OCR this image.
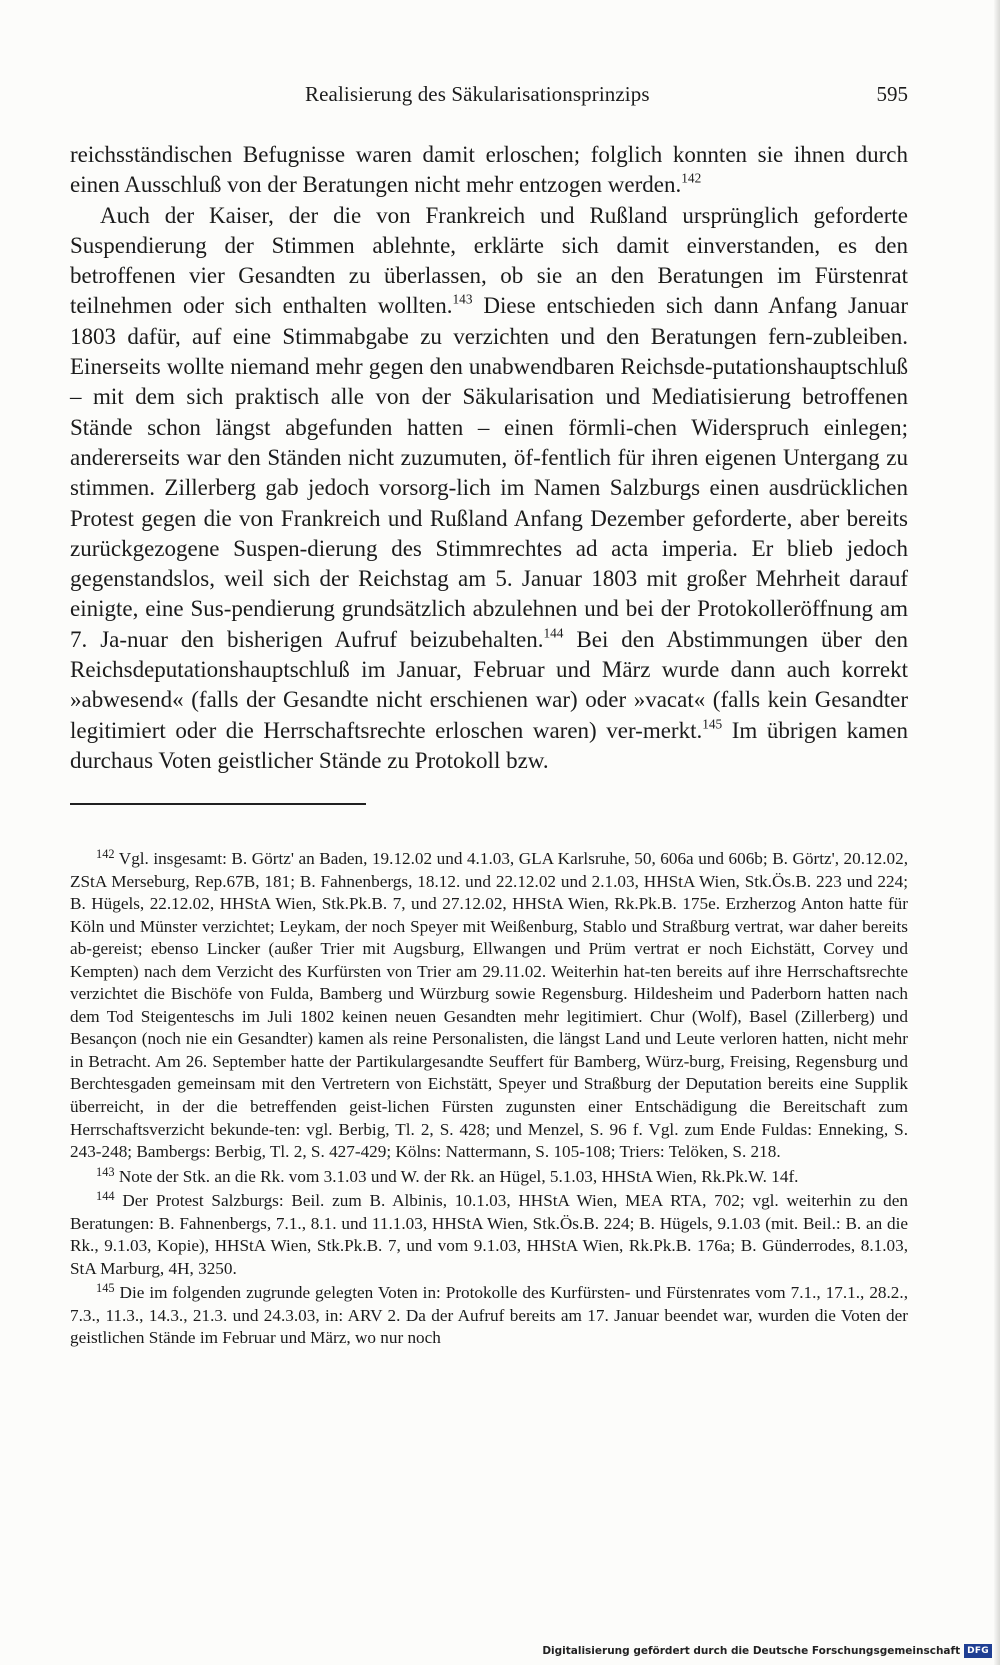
Realisierung des Säkularisationsprinzips	595

reichsständischen Befugnisse waren damit erloschen; folglich konnten sie ihnen durch einen Ausschluß von der Beratungen nicht mehr entzogen werden.$^{142}$

Auch der Kaiser, der die von Frankreich und Rußland ursprünglich geforderte Suspendierung der Stimmen ablehnte, erklärte sich damit einverstanden, es den betroffenen vier Gesandten zu überlassen, ob sie an den Beratungen im Fürstenrat teilnehmen oder sich enthalten wollten.$^{143}$ Diese entschieden sich dann Anfang Januar 1803 dafür, auf eine Stimmabgabe zu verzichten und den Beratungen fern-zubleiben. Einerseits wollte niemand mehr gegen den unabwendbaren Reichsde-putationshauptschluß – mit dem sich praktisch alle von der Säkularisation und Mediatisierung betroffenen Stände schon längst abgefunden hatten – einen förmli-chen Widerspruch einlegen; andererseits war den Ständen nicht zuzumuten, öf-fentlich für ihren eigenen Untergang zu stimmen. Zillerberg gab jedoch vorsorg-lich im Namen Salzburgs einen ausdrücklichen Protest gegen die von Frankreich und Rußland Anfang Dezember geforderte, aber bereits zurückgezogene Suspen-dierung des Stimmrechtes ad acta imperia. Er blieb jedoch gegenstandslos, weil sich der Reichstag am 5. Januar 1803 mit großer Mehrheit darauf einigte, eine Sus-pendierung grundsätzlich abzulehnen und bei der Protokolleröffnung am 7. Ja-nuar den bisherigen Aufruf beizubehalten.$^{144}$ Bei den Abstimmungen über den Reichsdeputationshauptschluß im Januar, Februar und März wurde dann auch korrekt »abwesend« (falls der Gesandte nicht erschienen war) oder »vacat« (falls kein Gesandter legitimiert oder die Herrschaftsrechte erloschen waren) ver-merkt.$^{145}$ Im übrigen kamen durchaus Voten geistlicher Stände zu Protokoll bzw.

$^{142}$ Vgl. insgesamt: B. Görtz' an Baden, 19.12.02 und 4.1.03, GLA Karlsruhe, 50, 606a und 606b; B. Görtz', 20.12.02, ZStA Merseburg, Rep.67B, 181; B. Fahnenbergs, 18.12. und 22.12.02 und 2.1.03, HHStA Wien, Stk.Ös.B. 223 und 224; B. Hügels, 22.12.02, HHStA Wien, Stk.Pk.B. 7, und 27.12.02, HHStA Wien, Rk.Pk.B. 175e. Erzherzog Anton hatte für Köln und Münster verzichtet; Leykam, der noch Speyer mit Weißenburg, Stablo und Straßburg vertrat, war daher bereits ab-gereist; ebenso Lincker (außer Trier mit Augsburg, Ellwangen und Prüm vertrat er noch Eichstätt, Corvey und Kempten) nach dem Verzicht des Kurfürsten von Trier am 29.11.02. Weiterhin hat-ten bereits auf ihre Herrschaftsrechte verzichtet die Bischöfe von Fulda, Bamberg und Würzburg sowie Regensburg. Hildesheim und Paderborn hatten nach dem Tod Steigenteschs im Juli 1802 keinen neuen Gesandten mehr legitimiert. Chur (Wolf), Basel (Zillerberg) und Besançon (noch nie ein Gesandter) kamen als reine Personalisten, die längst Land und Leute verloren hatten, nicht mehr in Betracht. Am 26. September hatte der Partikulargesandte Seuffert für Bamberg, Würz-burg, Freising, Regensburg und Berchtesgaden gemeinsam mit den Vertretern von Eichstätt, Speyer und Straßburg der Deputation bereits eine Supplik überreicht, in der die betreffenden geist-lichen Fürsten zugunsten einer Entschädigung die Bereitschaft zum Herrschaftsverzicht bekunde-ten: vgl. Berbig, Tl. 2, S. 428; und Menzel, S. 96 f. Vgl. zum Ende Fuldas: Enneking, S. 243-248; Bambergs: Berbig, Tl. 2, S. 427-429; Kölns: Nattermann, S. 105-108; Triers: Telöken, S. 218.

$^{143}$ Note der Stk. an die Rk. vom 3.1.03 und W. der Rk. an Hügel, 5.1.03, HHStA Wien, Rk.Pk.W. 14f.

$^{144}$ Der Protest Salzburgs: Beil. zum B. Albinis, 10.1.03, HHStA Wien, MEA RTA, 702; vgl. weiterhin zu den Beratungen: B. Fahnenbergs, 7.1., 8.1. und 11.1.03, HHStA Wien, Stk.Ös.B. 224; B. Hügels, 9.1.03 (mit. Beil.: B. an die Rk., 9.1.03, Kopie), HHStA Wien, Stk.Pk.B. 7, und vom 9.1.03, HHStA Wien, Rk.Pk.B. 176a; B. Günderrodes, 8.1.03, StA Marburg, 4H, 3250.

$^{145}$ Die im folgenden zugrunde gelegten Voten in: Protokolle des Kurfürsten- und Fürstenrates vom 7.1., 17.1., 28.2., 7.3., 11.3., 14.3., 21.3. und 24.3.03, in: ARV 2. Da der Aufruf bereits am 17. Januar beendet war, wurden die Voten der geistlichen Stände im Februar und März, wo nur noch

Digitalisierung gefördert durch die Deutsche Forschungsgemeinschaft DFG
